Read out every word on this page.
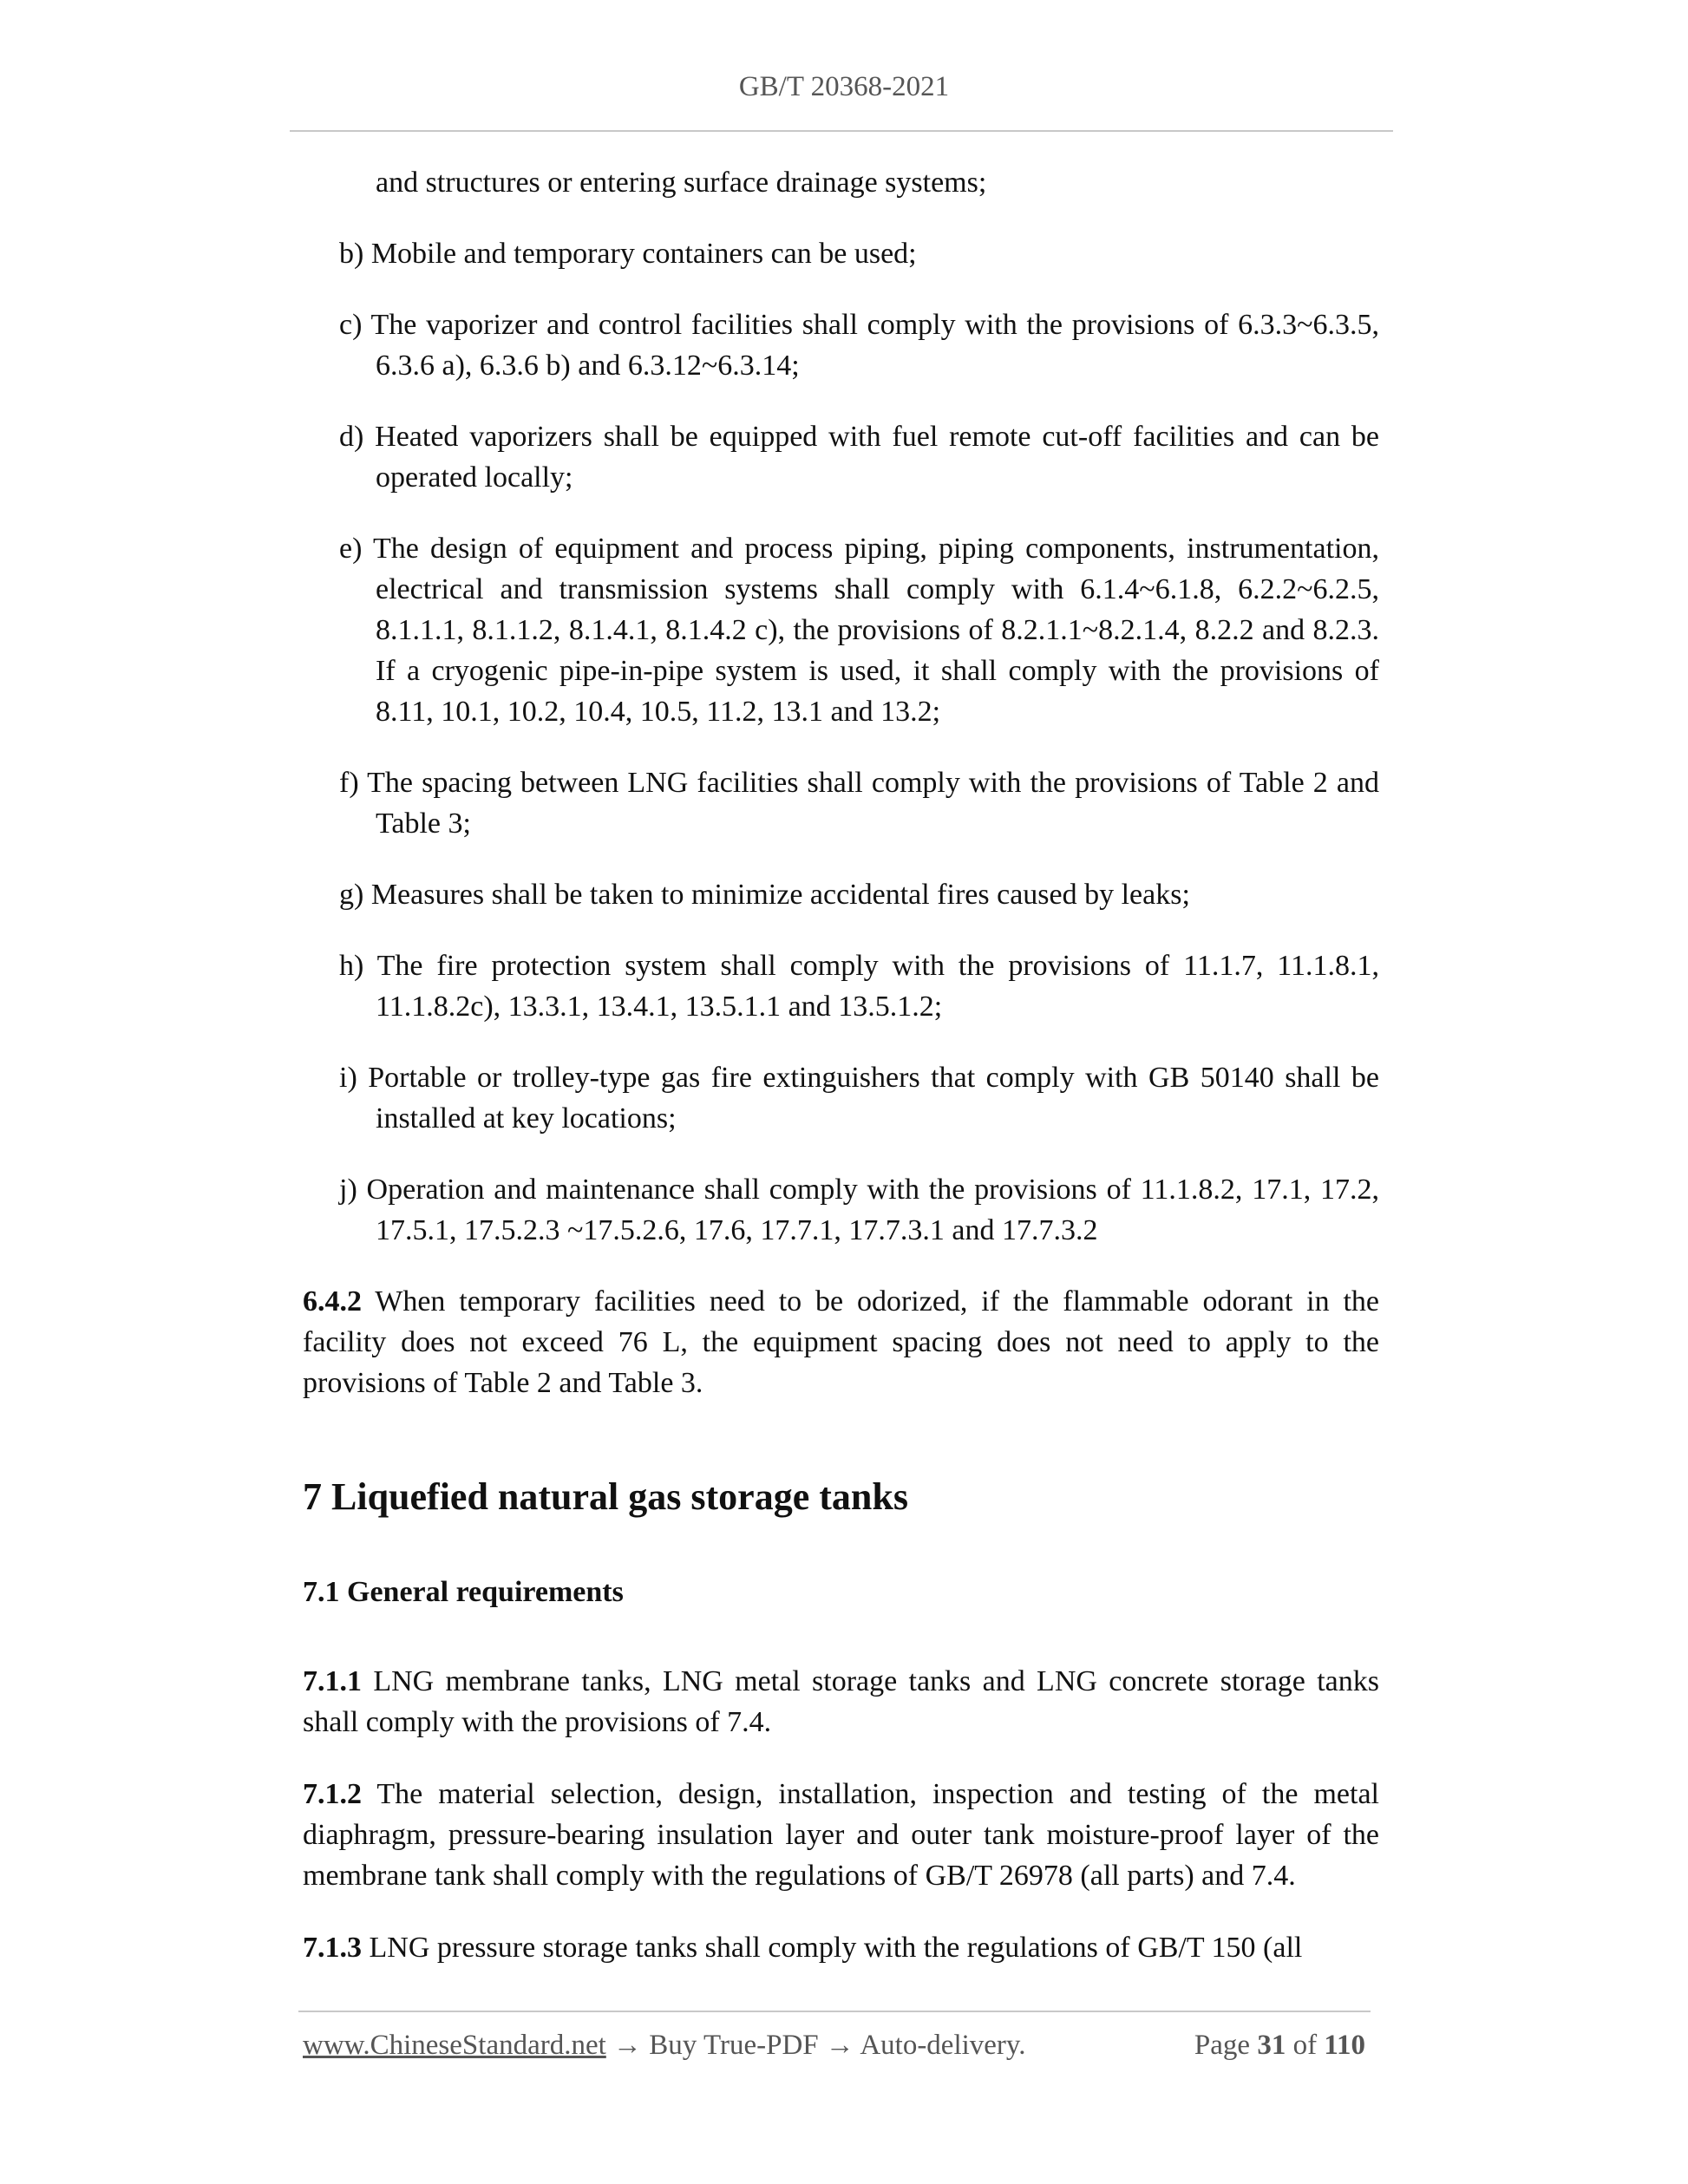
GB/T 20368-2021

and structures or entering surface drainage systems;

b) Mobile and temporary containers can be used;

c) The vaporizer and control facilities shall comply with the provisions of 6.3.3~6.3.5, 6.3.6 a), 6.3.6 b) and 6.3.12~6.3.14;

d) Heated vaporizers shall be equipped with fuel remote cut-off facilities and can be operated locally;

e) The design of equipment and process piping, piping components, instrumentation, electrical and transmission systems shall comply with 6.1.4~6.1.8, 6.2.2~6.2.5, 8.1.1.1, 8.1.1.2, 8.1.4.1, 8.1.4.2 c), the provisions of 8.2.1.1~8.2.1.4, 8.2.2 and 8.2.3. If a cryogenic pipe-in-pipe system is used, it shall comply with the provisions of 8.11, 10.1, 10.2, 10.4, 10.5, 11.2, 13.1 and 13.2;

f) The spacing between LNG facilities shall comply with the provisions of Table 2 and Table 3;

g) Measures shall be taken to minimize accidental fires caused by leaks;

h) The fire protection system shall comply with the provisions of 11.1.7, 11.1.8.1, 11.1.8.2c), 13.3.1, 13.4.1, 13.5.1.1 and 13.5.1.2;

i) Portable or trolley-type gas fire extinguishers that comply with GB 50140 shall be installed at key locations;

j) Operation and maintenance shall comply with the provisions of 11.1.8.2, 17.1, 17.2, 17.5.1, 17.5.2.3 ~17.5.2.6, 17.6, 17.7.1, 17.7.3.1 and 17.7.3.2

6.4.2 When temporary facilities need to be odorized, if the flammable odorant in the facility does not exceed 76 L, the equipment spacing does not need to apply to the provisions of Table 2 and Table 3.

7 Liquefied natural gas storage tanks
7.1 General requirements

7.1.1 LNG membrane tanks, LNG metal storage tanks and LNG concrete storage tanks shall comply with the provisions of 7.4.

7.1.2 The material selection, design, installation, inspection and testing of the metal diaphragm, pressure-bearing insulation layer and outer tank moisture-proof layer of the membrane tank shall comply with the regulations of GB/T 26978 (all parts) and 7.4.

7.1.3 LNG pressure storage tanks shall comply with the regulations of GB/T 150 (all

www.ChineseStandard.net → Buy True-PDF → Auto-delivery.	Page 31 of 110
